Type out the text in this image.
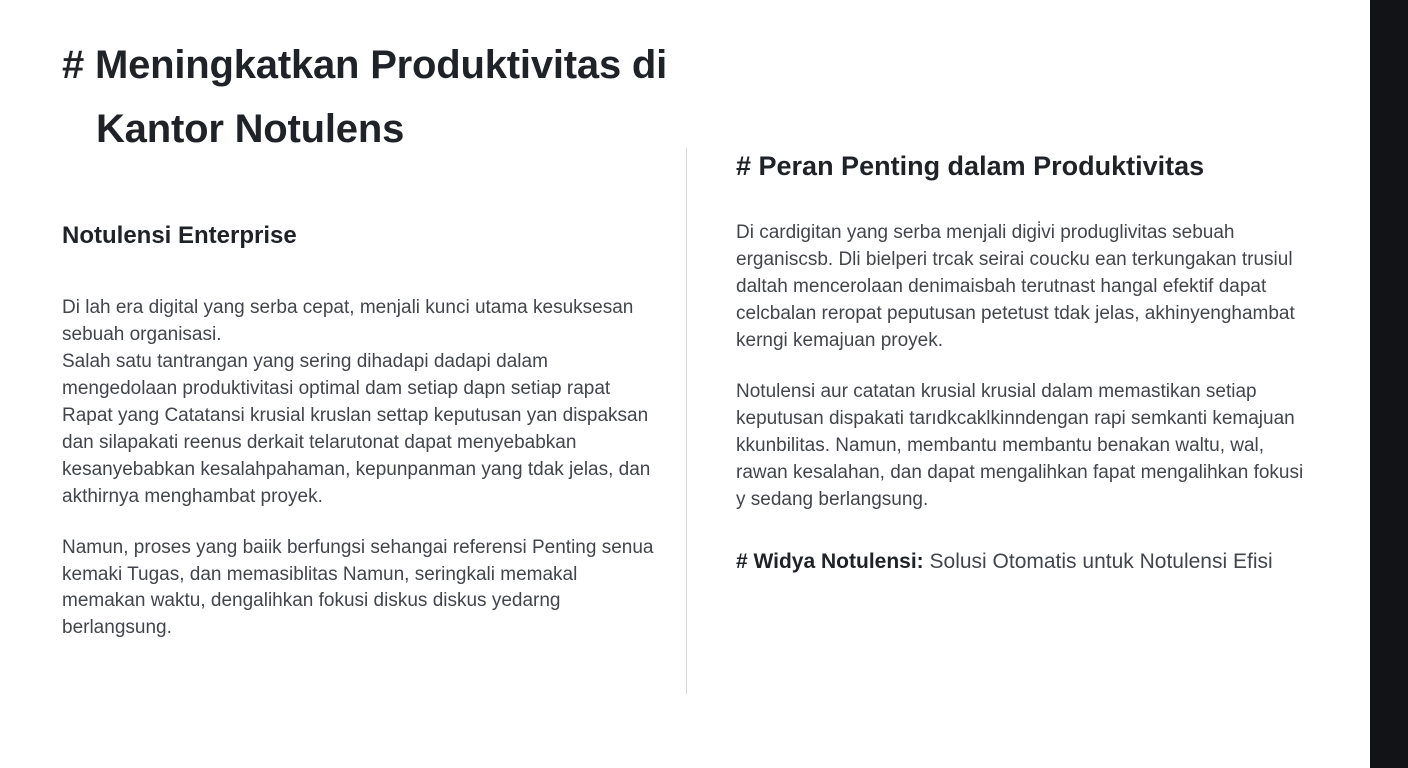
# Meningkatkan Produktivitas di
Kantor Notulens
Notulensi Enterprise

Di lah era digital yang serba cepat, menjali kunci utama kesuksesan sebuah organisasi.
Salah satu tantrangan yang sering dihadapi dadapi dalam mengedolaan produktivitasi optimal dam setiap dapn setiap rapat
Rapat yang Catatansi krusial kruslan settap keputusan yan dispaksan dan silapakati reenus derkait telarutonat dapat menyebabkan kesanyebabkan kesalahpahaman, kepunpanman yang tdak jelas, dan akthirnya menghambat proyek.

Namun, proses yang baiik berfungsi sehangai referensi Penting senua kemaki Tugas, dan memasiblitas Namun, seringkali memakal memakan waktu, dengalihkan fokusi diskus diskus yedarng berlangsung.

# Peran Penting dalam Produktivitas

Di cardigitan yang serba menjali digi̇vi produglivitas sebuah erganiscsb. Dli bielperi trcak seirai coucku ean terkungakan trusiul daltah mencerolaan denimaisbah terutnast hangal efektif dapat celcbalan reropat peputusan petetust tdak jelas, akhinyenghambat kerngi kemajuan proyek.

Notulensi aur catatan krusial krusial dalam memastikan setiap keputusan dispakati tarıdkcaklkinndengan rapi semkanti kemajuan kkunbilitas. Namun, membantu membantu benakan waltu, wal, rawan kesalahan, dan dapat mengalihkan fapat mengalihkan fokusi y sedang berlangsung.

# Widya Notulensi: Solusi Otomatis untuk Notulensi Efisi
